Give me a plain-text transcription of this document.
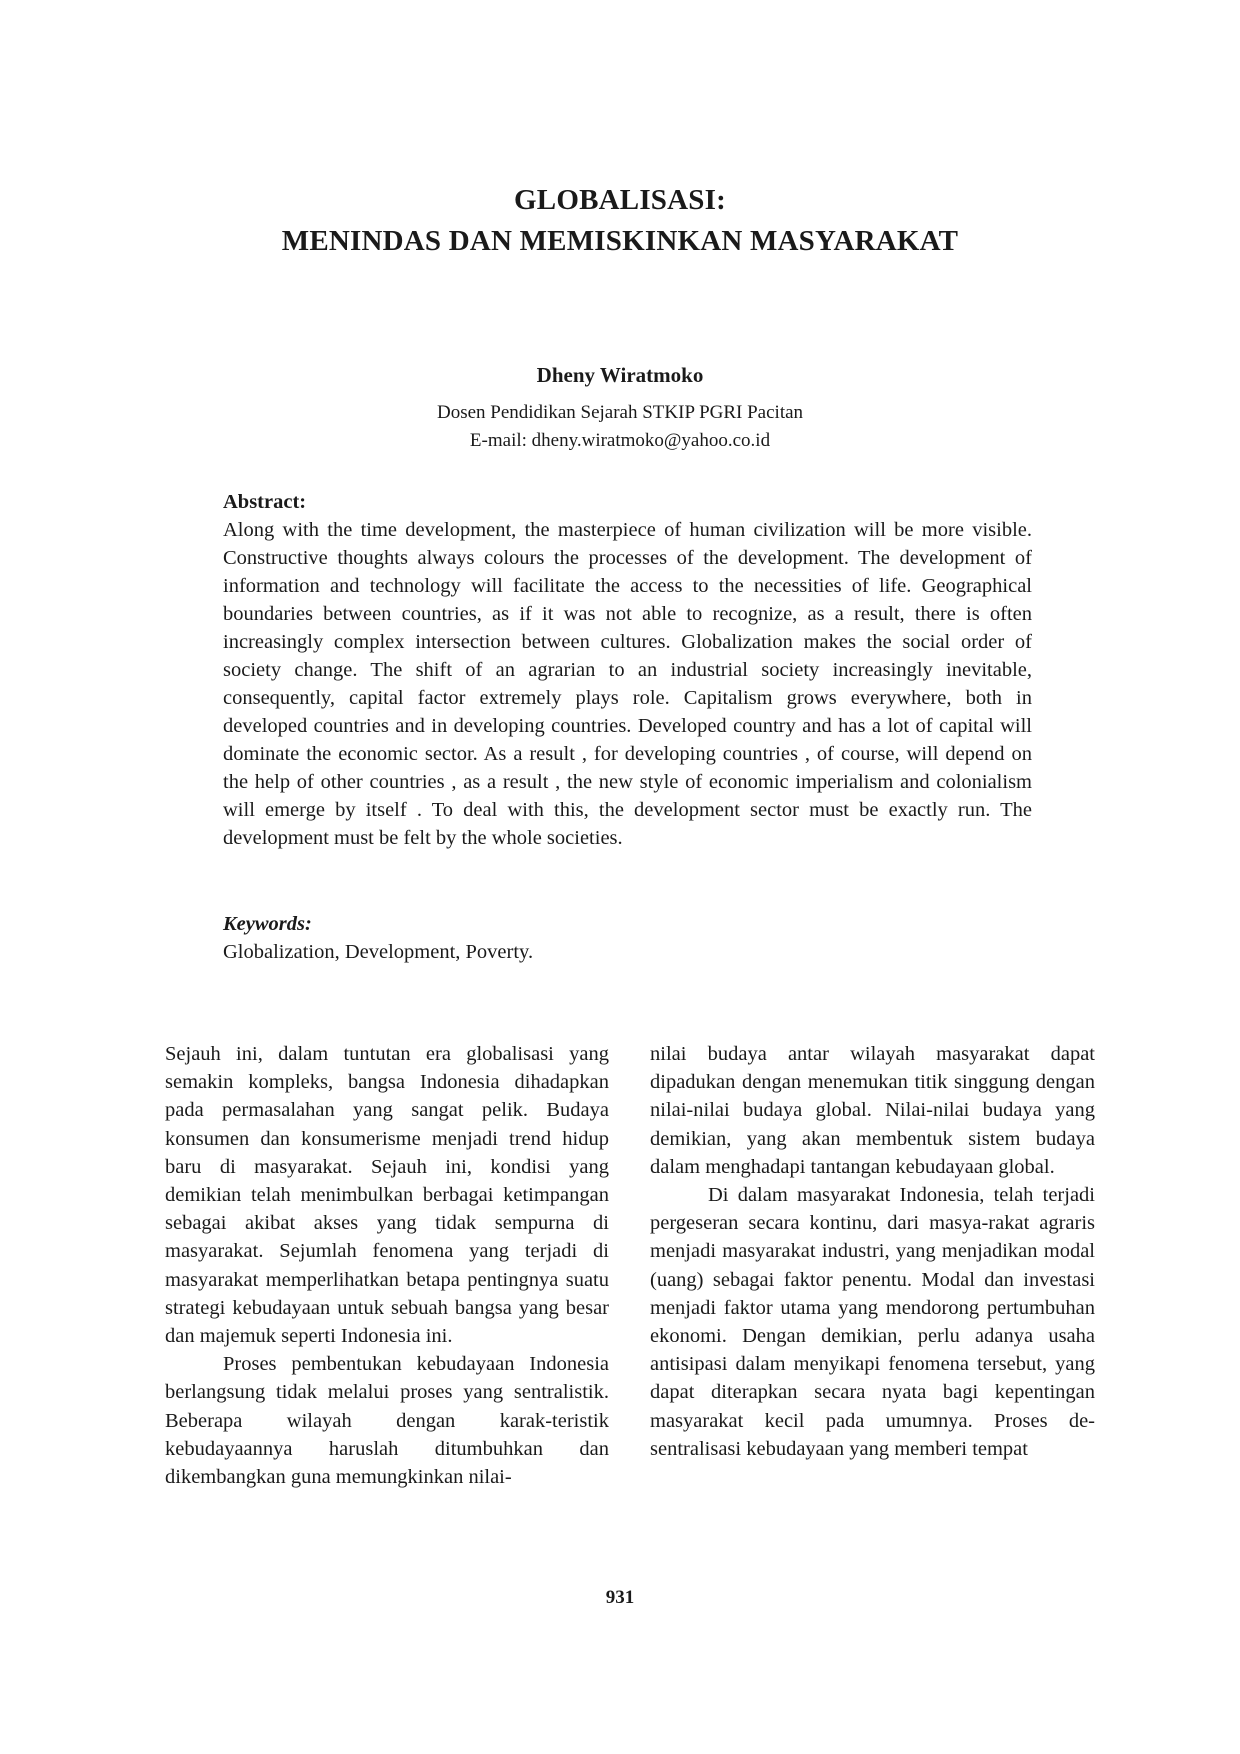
GLOBALISASI:
MENINDAS DAN MEMISKINKAN MASYARAKAT

Dheny Wiratmoko

Dosen Pendidikan Sejarah STKIP PGRI Pacitan

E-mail: dheny.wiratmoko@yahoo.co.id

Abstract:

Along with the time development, the masterpiece of human civilization will be more visible. Constructive thoughts always colours the processes of the development. The development of information and technology will facilitate the access to the necessities of life. Geographical boundaries between countries, as if it was not able to recognize, as a result, there is often increasingly complex intersection between cultures. Globalization makes the social order of society change. The shift of an agrarian to an industrial society increasingly inevitable, consequently, capital factor extremely plays role. Capitalism grows everywhere, both in developed countries and in developing countries. Developed country and has a lot of capital will dominate the economic sector. As a result , for developing countries , of course, will depend on the help of other countries , as a result , the new style of economic imperialism and colonialism will emerge by itself . To deal with this, the development sector must be exactly run. The development must be felt by the whole societies.

Keywords:

Globalization, Development, Poverty.

Sejauh ini, dalam tuntutan era globalisasi yang semakin kompleks, bangsa Indonesia dihadapkan pada permasalahan yang sangat pelik. Budaya konsumen dan konsumerisme menjadi trend hidup baru di masyarakat. Sejauh ini, kondisi yang demikian telah menimbulkan berbagai ketimpangan sebagai akibat akses yang tidak sempurna di masyarakat. Sejumlah fenomena yang terjadi di masyarakat memperlihatkan betapa pentingnya suatu strategi kebudayaan untuk sebuah bangsa yang besar dan majemuk seperti Indonesia ini.

Proses pembentukan kebudayaan Indonesia berlangsung tidak melalui proses yang sentralistik. Beberapa wilayah dengan karak-teristik kebudayaannya haruslah ditumbuhkan dan dikembangkan guna memungkinkan nilai-

nilai budaya antar wilayah masyarakat dapat dipadukan dengan menemukan titik singgung dengan nilai-nilai budaya global. Nilai-nilai budaya yang demikian, yang akan membentuk sistem budaya dalam menghadapi tantangan kebudayaan global.

Di dalam masyarakat Indonesia, telah terjadi pergeseran secara kontinu, dari masya-rakat agraris menjadi masyarakat industri, yang menjadikan modal (uang) sebagai faktor penentu. Modal dan investasi menjadi faktor utama yang mendorong pertumbuhan ekonomi. Dengan demikian, perlu adanya usaha antisipasi dalam menyikapi fenomena tersebut, yang dapat diterapkan secara nyata bagi kepentingan masyarakat kecil pada umumnya. Proses de-sentralisasi kebudayaan yang memberi tempat

931
